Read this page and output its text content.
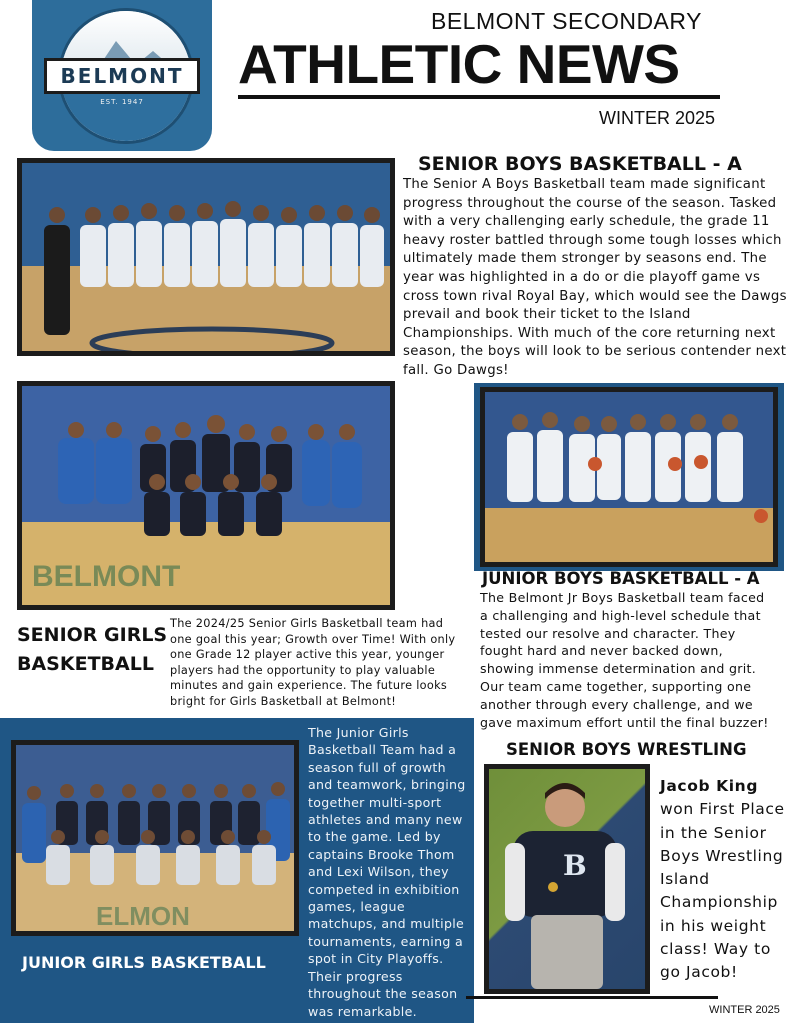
BELMONT
EST. 1947
BELMONT SECONDARY
ATHLETIC NEWS
WINTER 2025
SENIOR BOYS BASKETBALL - A
The Senior A Boys Basketball team made significant
progress throughout the course of the season. Tasked
with a very challenging early schedule, the grade 11
heavy roster battled through some tough losses which
ultimately made them stronger by seasons end. The
year was highlighted in a do or die playoff game vs
cross town rival Royal Bay, which would see the Dawgs
prevail and book their ticket to the Island
Championships. With much of the core returning next
season, the boys will look to be serious contender next
fall. Go Dawgs!
BELMONT
SENIOR GIRLS
BASKETBALL
The 2024/25 Senior Girls Basketball team had
one goal this year; Growth over Time! With only
one Grade 12 player active this year, younger
players had the opportunity to play valuable
minutes and gain experience. The future looks
bright for Girls Basketball at Belmont!
JUNIOR BOYS BASKETBALL - A
The Belmont Jr Boys Basketball team faced
a challenging and high-level schedule that
tested our resolve and character. They
fought hard and never backed down,
showing immense determination and grit.
Our team came together, supporting one
another through every challenge, and we
gave maximum effort until the final buzzer!
ELMON
JUNIOR GIRLS BASKETBALL
The Junior Girls
Basketball Team had a
season full of growth
and teamwork, bringing
together multi-sport
athletes and many new
to the game. Led by
captains Brooke Thom
and Lexi Wilson, they
competed in exhibition
games, league
matchups, and multiple
tournaments, earning a
spot in City Playoffs.
Their progress
throughout the season
was remarkable.
SENIOR BOYS WRESTLING
B
Jacob King
won First Place
in the Senior
Boys Wrestling
Island
Championship
in his weight
class! Way to
go Jacob!
WINTER 2025
